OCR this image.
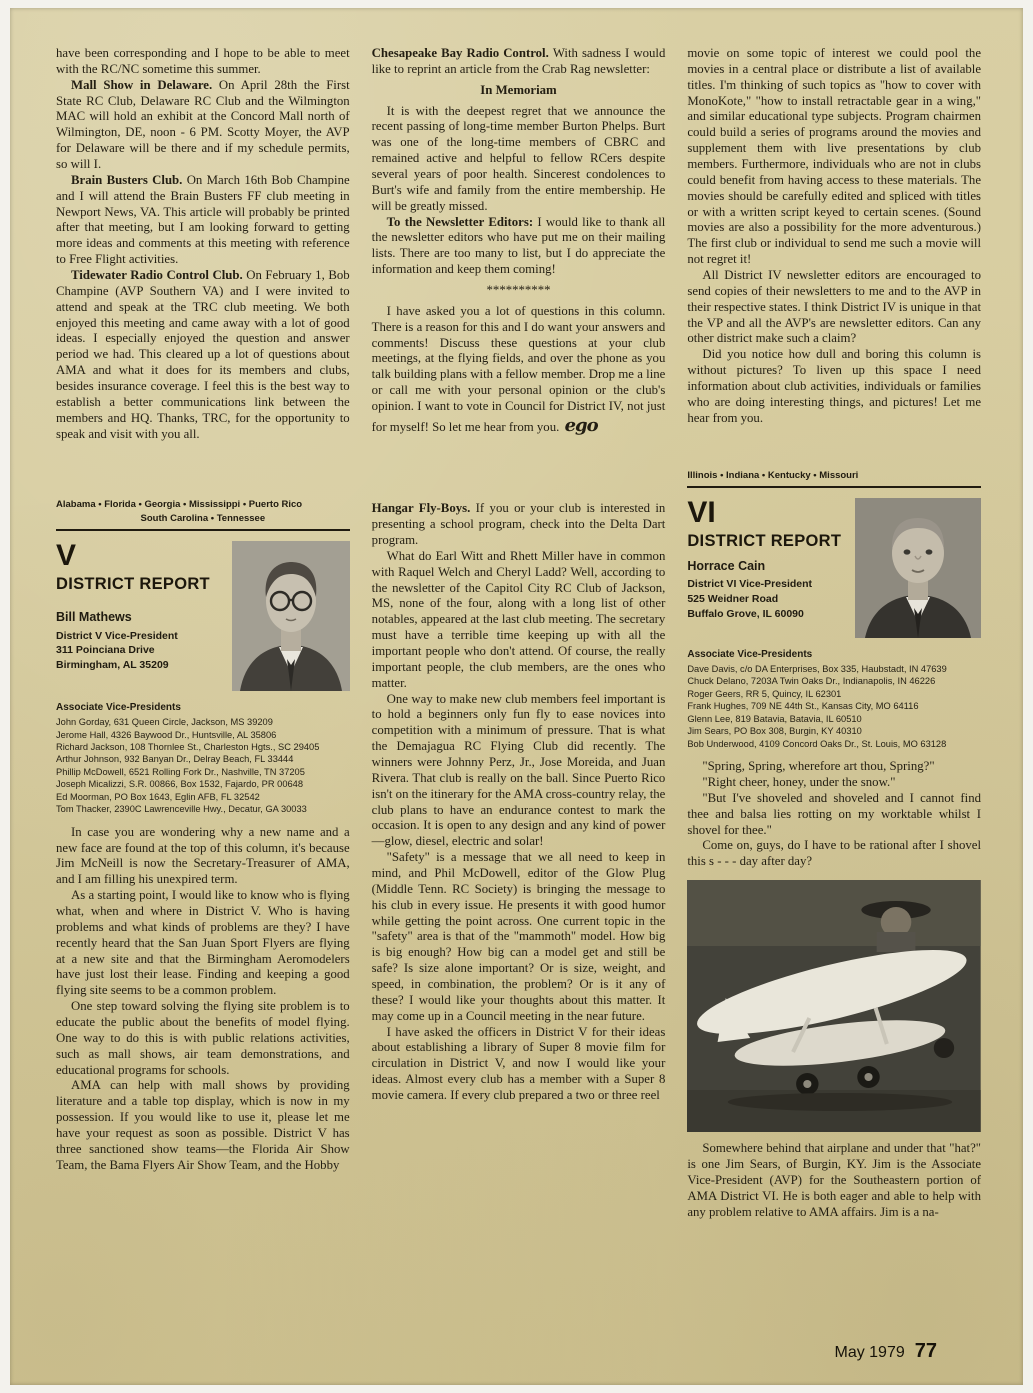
have been corresponding and I hope to be able to meet with the RC/NC sometime this summer.

Mall Show in Delaware. On April 28th the First State RC Club, Delaware RC Club and the Wilmington MAC will hold an exhibit at the Concord Mall north of Wilmington, DE, noon - 6 PM. Scotty Moyer, the AVP for Delaware will be there and if my schedule permits, so will I.

Brain Busters Club. On March 16th Bob Champine and I will attend the Brain Busters FF club meeting in Newport News, VA. This article will probably be printed after that meeting, but I am looking forward to getting more ideas and comments at this meeting with reference to Free Flight activities.

Tidewater Radio Control Club. On February 1, Bob Champine (AVP Southern VA) and I were invited to attend and speak at the TRC club meeting. We both enjoyed this meeting and came away with a lot of good ideas. I especially enjoyed the question and answer period we had. This cleared up a lot of questions about AMA and what it does for its members and clubs, besides insurance coverage. I feel this is the best way to establish a better communications link between the members and HQ. Thanks, TRC, for the opportunity to speak and visit with you all.

Alabama • Florida • Georgia • Mississippi • Puerto Rico
South Carolina • Tennessee
V
DISTRICT REPORT
Bill Mathews
District V Vice-President
311 Poinciana Drive
Birmingham, AL 35209
Associate Vice-Presidents
John Gorday, 631 Queen Circle, Jackson, MS 39209
Jerome Hall, 4326 Baywood Dr., Huntsville, AL 35806
Richard Jackson, 108 Thornlee St., Charleston Hgts., SC 29405
Arthur Johnson, 932 Banyan Dr., Delray Beach, FL 33444
Phillip McDowell, 6521 Rolling Fork Dr., Nashville, TN 37205
Joseph Micalizzi, S.R. 00866, Box 1532, Fajardo, PR 00648
Ed Moorman, PO Box 1643, Eglin AFB, FL 32542
Tom Thacker, 2390C Lawrenceville Hwy., Decatur, GA 30033

In case you are wondering why a new name and a new face are found at the top of this column, it's because Jim McNeill is now the Secretary-Treasurer of AMA, and I am filling his unexpired term.

As a starting point, I would like to know who is flying what, when and where in District V. Who is having problems and what kinds of problems are they? I have recently heard that the San Juan Sport Flyers are flying at a new site and that the Birmingham Aeromodelers have just lost their lease. Finding and keeping a good flying site seems to be a common problem.

One step toward solving the flying site problem is to educate the public about the benefits of model flying. One way to do this is with public relations activities, such as mall shows, air team demonstrations, and educational programs for schools.

AMA can help with mall shows by providing literature and a table top display, which is now in my possession. If you would like to use it, please let me have your request as soon as possible. District V has three sanctioned show teams—the Florida Air Show Team, the Bama Flyers Air Show Team, and the Hobby

Chesapeake Bay Radio Control. With sadness I would like to reprint an article from the Crab Rag newsletter:

In Memoriam

It is with the deepest regret that we announce the recent passing of long-time member Burton Phelps. Burt was one of the long-time members of CBRC and remained active and helpful to fellow RCers despite several years of poor health. Sincerest condolences to Burt's wife and family from the entire membership. He will be greatly missed.

To the Newsletter Editors: I would like to thank all the newsletter editors who have put me on their mailing lists. There are too many to list, but I do appreciate the information and keep them coming!

**********

I have asked you a lot of questions in this column. There is a reason for this and I do want your answers and comments! Discuss these questions at your club meetings, at the flying fields, and over the phone as you talk building plans with a fellow member. Drop me a line or call me with your personal opinion or the club's opinion. I want to vote in Council for District IV, not just for myself! So let me hear from you. ego

Hangar Fly-Boys. If you or your club is interested in presenting a school program, check into the Delta Dart program.

What do Earl Witt and Rhett Miller have in common with Raquel Welch and Cheryl Ladd? Well, according to the newsletter of the Capitol City RC Club of Jackson, MS, none of the four, along with a long list of other notables, appeared at the last club meeting. The secretary must have a terrible time keeping up with all the important people who don't attend. Of course, the really important people, the club members, are the ones who matter.

One way to make new club members feel important is to hold a beginners only fun fly to ease novices into competition with a minimum of pressure. That is what the Demajagua RC Flying Club did recently. The winners were Johnny Perz, Jr., Jose Moreida, and Juan Rivera. That club is really on the ball. Since Puerto Rico isn't on the itinerary for the AMA cross-country relay, the club plans to have an endurance contest to mark the occasion. It is open to any design and any kind of power—glow, diesel, electric and solar!

"Safety" is a message that we all need to keep in mind, and Phil McDowell, editor of the Glow Plug (Middle Tenn. RC Society) is bringing the message to his club in every issue. He presents it with good humor while getting the point across. One current topic in the "safety" area is that of the "mammoth" model. How big is big enough? How big can a model get and still be safe? Is size alone important? Or is size, weight, and speed, in combination, the problem? Or is it any of these? I would like your thoughts about this matter. It may come up in a Council meeting in the near future.

I have asked the officers in District V for their ideas about establishing a library of Super 8 movie film for circulation in District V, and now I would like your ideas. Almost every club has a member with a Super 8 movie camera. If every club prepared a two or three reel

movie on some topic of interest we could pool the movies in a central place or distribute a list of available titles. I'm thinking of such topics as "how to cover with MonoKote," "how to install retractable gear in a wing," and similar educational type subjects. Program chairmen could build a series of programs around the movies and supplement them with live presentations by club members. Furthermore, individuals who are not in clubs could benefit from having access to these materials. The movies should be carefully edited and spliced with titles or with a written script keyed to certain scenes. (Sound movies are also a possibility for the more adventurous.) The first club or individual to send me such a movie will not regret it!

All District IV newsletter editors are encouraged to send copies of their newsletters to me and to the AVP in their respective states. I think District IV is unique in that the VP and all the AVP's are newsletter editors. Can any other district make such a claim?

Did you notice how dull and boring this column is without pictures? To liven up this space I need information about club activities, individuals or families who are doing interesting things, and pictures! Let me hear from you.

Illinois • Indiana • Kentucky • Missouri
VI
DISTRICT REPORT
Horrace Cain
District VI Vice-President
525 Weidner Road
Buffalo Grove, IL 60090
Associate Vice-Presidents
Dave Davis, c/o DA Enterprises, Box 335, Haubstadt, IN 47639
Chuck Delano, 7203A Twin Oaks Dr., Indianapolis, IN 46226
Roger Geers, RR 5, Quincy, IL 62301
Frank Hughes, 709 NE 44th St., Kansas City, MO 64116
Glenn Lee, 819 Batavia, Batavia, IL 60510
Jim Sears, PO Box 308, Burgin, KY 40310
Bob Underwood, 4109 Concord Oaks Dr., St. Louis, MO 63128

"Spring, Spring, wherefore art thou, Spring?"

"Right cheer, honey, under the snow."

"But I've shoveled and shoveled and I cannot find thee and balsa lies rotting on my worktable whilst I shovel for thee."

Come on, guys, do I have to be rational after I shovel this s - - - day after day?

Somewhere behind that airplane and under that "hat?" is one Jim Sears, of Burgin, KY. Jim is the Associate Vice-President (AVP) for the Southeastern portion of AMA District VI. He is both eager and able to help with any problem relative to AMA affairs. Jim is a na-

May 1979 77
